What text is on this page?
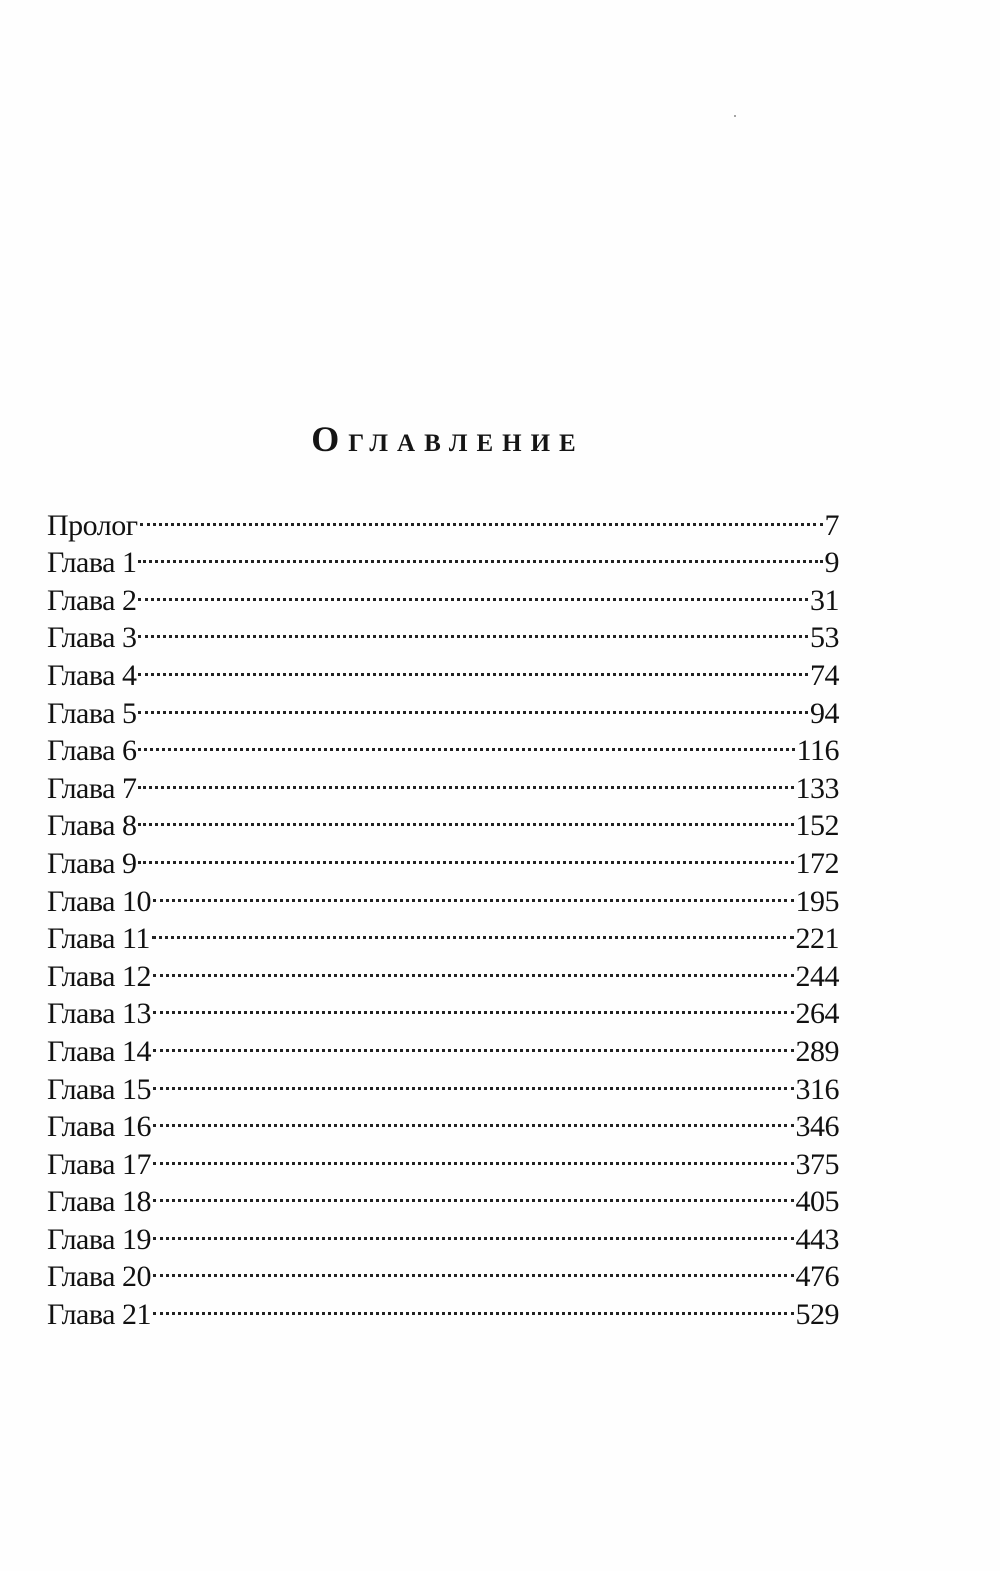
Оглавление
Пролог	7
Глава 1	9
Глава 2	31
Глава 3	53
Глава 4	74
Глава 5	94
Глава 6	116
Глава 7	133
Глава 8	152
Глава 9	172
Глава 10	195
Глава 11	221
Глава 12	244
Глава 13	264
Глава 14	289
Глава 15	316
Глава 16	346
Глава 17	375
Глава 18	405
Глава 19	443
Глава 20	476
Глава 21	529
